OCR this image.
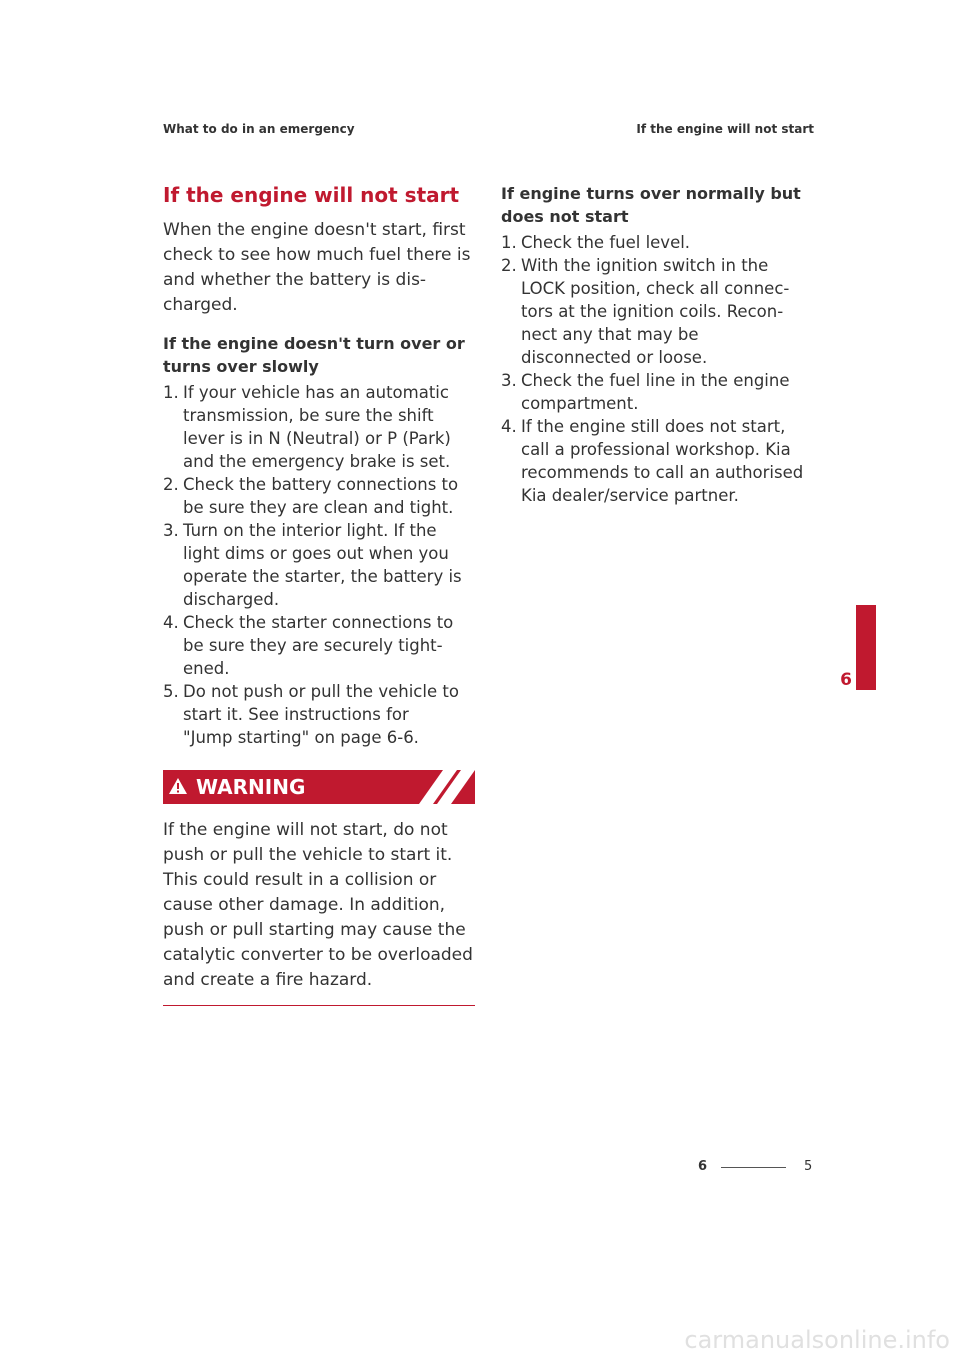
What to do in an emergency	If the engine will not start
If the engine will not start

When the engine doesn't start, first
check to see how much fuel there is
and whether the battery is dis-
charged.

If the engine doesn't turn over or
turns over slowly
1. If your vehicle has an automatic
transmission, be sure the shift
lever is in N (Neutral) or P (Park)
and the emergency brake is set.
2. Check the battery connections to
be sure they are clean and tight.
3. Turn on the interior light. If the
light dims or goes out when you
operate the starter, the battery is
discharged.
4. Check the starter connections to
be sure they are securely tight-
ened.
5. Do not push or pull the vehicle to
start it. See instructions for
"Jump starting" on page 6-6.
WARNING

If the engine will not start, do not
push or pull the vehicle to start it.
This could result in a collision or
cause other damage. In addition,
push or pull starting may cause the
catalytic converter to be overloaded
and create a fire hazard.

If engine turns over normally but
does not start
1. Check the fuel level.
2. With the ignition switch in the
LOCK position, check all connec-
tors at the ignition coils. Recon-
nect any that may be
disconnected or loose.
3. Check the fuel line in the engine
compartment.
4. If the engine still does not start,
call a professional workshop. Kia
recommends to call an authorised
Kia dealer/service partner.
6
6	5
carmanualsonline.info
